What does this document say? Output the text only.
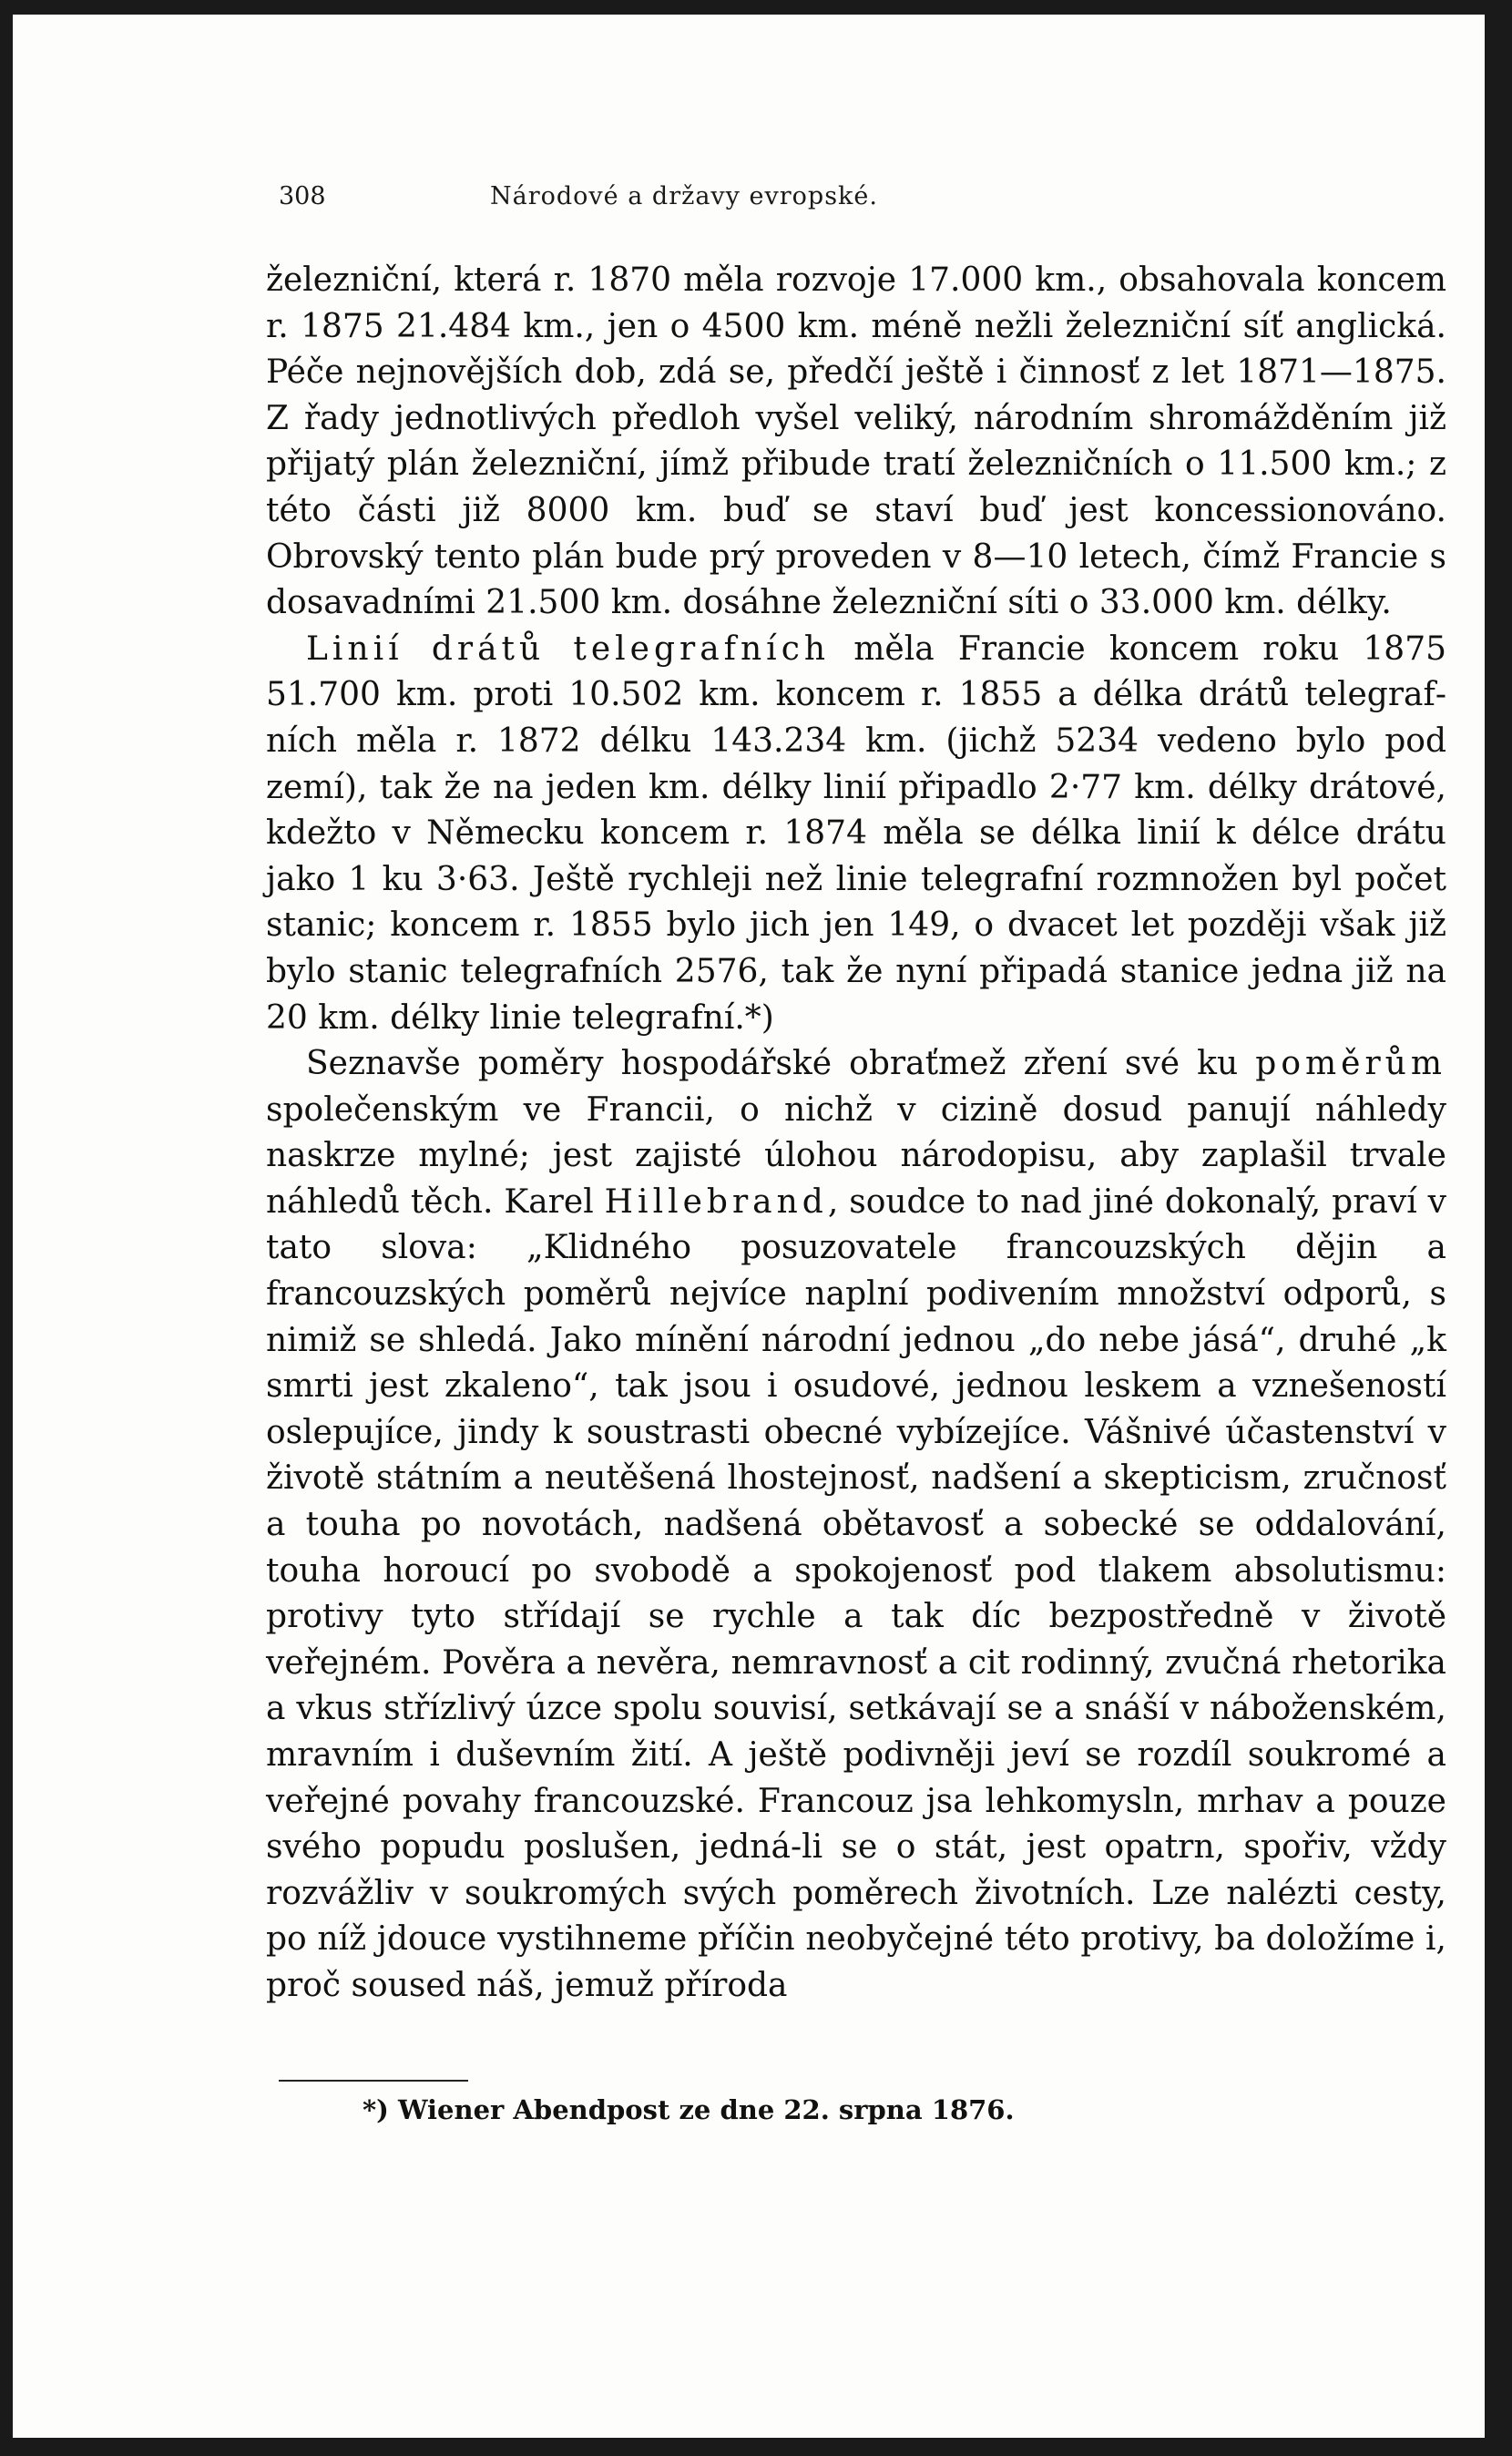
308	Národové a državy evropské.

železniční, která r. 1870 měla rozvoje 17.000 km., obsahovala koncem r. 1875 21.484 km., jen o 4500 km. méně nežli železniční síť anglická. Péče nejnovějších dob, zdá se, předčí ještě i činnosť z let 1871—1875. Z řady jednotlivých předloh vyšel veliký, národním shromážděním již přijatý plán železniční, jímž přibude tratí železničních o 11.500 km.; z této části již 8000 km. buď se staví buď jest koncessionováno. Obrovský tento plán bude prý proveden v 8—10 letech, čímž Francie s dosavadními 21.500 km. dosáhne železniční síti o 33.000 km. délky.

Linií drátů telegrafních měla Francie koncem roku 1875 51.700 km. proti 10.502 km. koncem r. 1855 a délka drátů telegrafních měla r. 1872 délku 143.234 km. (jichž 5234 vedeno bylo pod zemí), tak že na jeden km. délky linií připadlo 2·77 km. délky drátové, kdežto v Německu koncem r. 1874 měla se délka linií k délce drátu jako 1 ku 3·63. Ještě rychleji než linie telegrafní rozmnožen byl počet stanic; koncem r. 1855 bylo jich jen 149, o dvacet let později však již bylo stanic telegrafních 2576, tak že nyní připadá stanice jedna již na 20 km. délky linie telegrafní.*)

Seznavše poměry hospodářské obraťmež zření své ku poměrům společenským ve Francii, o nichž v cizině dosud panují náhledy naskrze mylné; jest zajisté úlohou národopisu, aby zaplašil trvale náhledů těch. Karel Hillebrand, soudce to nad jiné dokonalý, praví v tato slova: „Klidného posuzovatele francouzských dějin a francouzských poměrů nejvíce naplní podivením množství odporů, s nimiž se shledá. Jako mínění národní jednou „do nebe jásá“, druhé „k smrti jest zkaleno“, tak jsou i osudové, jednou leskem a vznešeností oslepujíce, jindy k soustrasti obecné vybízejíce. Vášnivé účastenství v životě státním a neutěšená lhostejnosť, nadšení a skepticism, zručnosť a touha po novotách, nadšená obětavosť a sobecké se oddalování, touha horoucí po svobodě a spokojenosť pod tlakem absolutismu: protivy tyto střídají se rychle a tak díc bezpostředně v životě veřejném. Pověra a nevěra, nemravnosť a cit rodinný, zvučná rhetorika a vkus střízlivý úzce spolu souvisí, setkávají se a snáší v náboženském, mravním i duševním žití. A ještě podivněji jeví se rozdíl soukromé a veřejné povahy francouzské. Francouz jsa lehkomysln, mrhav a pouze svého popudu poslušen, jedná-li se o stát, jest opatrn, spořiv, vždy rozvážliv v soukromých svých poměrech životních. Lze nalézti cesty, po níž jdouce vystihneme příčin neobyčejné této protivy, ba doložíme i, proč soused náš, jemuž příroda

*) Wiener Abendpost ze dne 22. srpna 1876.
